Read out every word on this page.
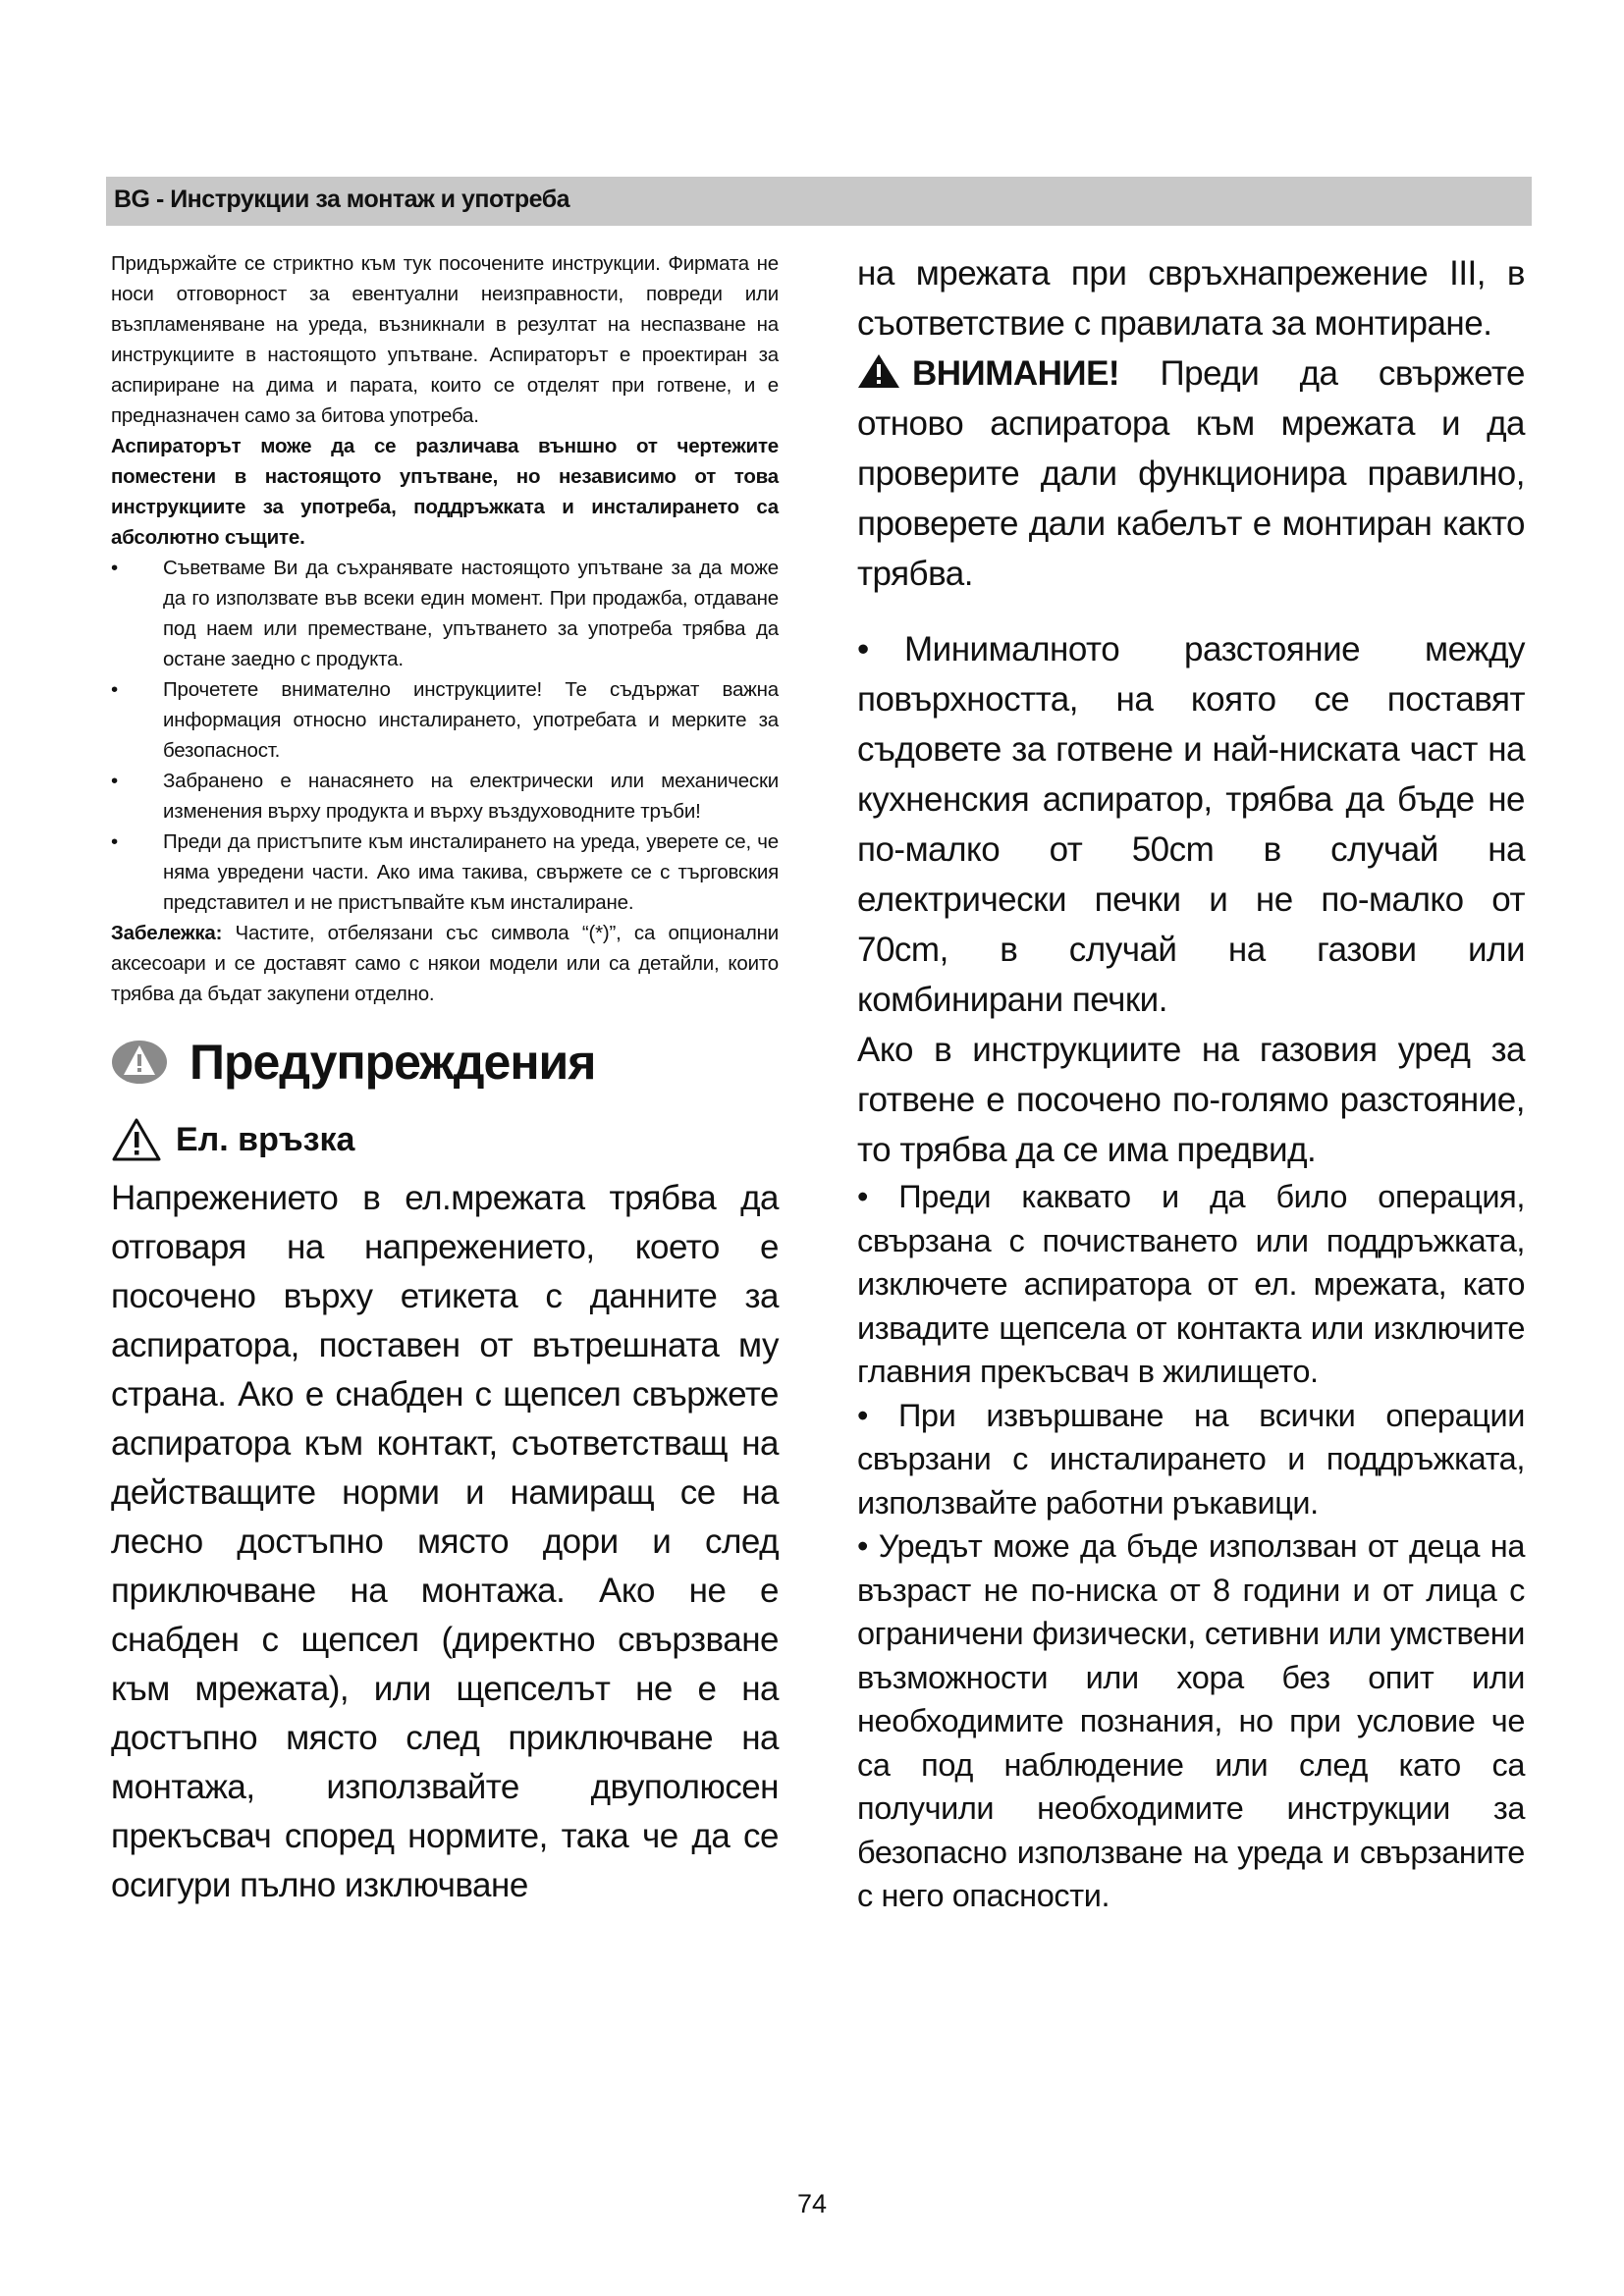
BG - Инструкции за монтаж и употреба

Придържайте се стриктно към тук посочените инструкции. Фирмата не носи отговорност за евентуални неизправности, повреди или възпламеняване на уреда, възникнали в резултат на неспазване на инструкциите в настоящото упътване. Аспираторът е проектиран за аспириране на дима и парата, които се отделят при готвене, и е предназначен само за битова употреба.

Аспираторът може да се различава външно от чертежите поместени в настоящото упътване, но независимо от това инструкциите за употреба, поддръжката и инсталирането са абсолютно същите.

• Съветваме Ви да съхранявате настоящото упътване за да може да го използвате във всеки един момент. При продажба, отдаване под наем или преместване, упътването за употреба трябва да остане заедно с продукта.
• Прочетете внимателно инструкциите! Те съдържат важна информация относно инсталирането, употребата и мерките за безопасност.
• Забранено е нанасянето на електрически или механически изменения върху продукта и върху въздуховодните тръби!
• Преди да пристъпите към инсталирането на уреда, уверете се, че няма увредени части. Ако има такива, свържете се с търговския представител и не пристъпвайте към инсталиране.

Забележка: Частите, отбелязани със символа “(*)”, са опционални аксесоари и се доставят само с някои модели или са детайли, които трябва да бъдат закупени отделно.

Предупреждения
Ел. връзка

Напрежението в ел.мрежата трябва да отговаря на напрежението, което е посочено върху етикета с данните за аспиратора, поставен от вътрешната му страна. Ако е снабден с щепсел свържете аспиратора към контакт, съответстващ на действащите норми и намиращ се на лесно достъпно място дори и след приключване на монтажа. Ако не е снабден с щепсел (директно свързване към мрежата), или щепселът не е на достъпно място след приключване на монтажа, използвайте двуполюсен прекъсвач според нормите, така че да се осигури пълно изключване

на мрежата при свръхнапрежение III, в съответствие с правилата за монтиране.

ВНИМАНИЕ! Преди да свържете отново аспиратора към мрежата и да проверите дали функционира правилно, проверете дали кабелът е монтиран както трябва.

• Минималното разстояние между повърхността, на която се поставят съдовете за готвене и най-ниската част на кухненския аспиратор, трябва да бъде не по-малко от 50cm в случай на електрически печки и не по-малко от 70cm, в случай на газови или комбинирани печки.

Ако в инструкциите на газовия уред за готвене е посочено по-голямо разстояние, то трябва да се има предвид.

• Преди каквато и да било операция, свързана с почистването или поддръжката, изключете аспиратора от ел. мрежата, като извадите щепсела от контакта или изключите главния прекъсвач в жилището.

• При извършване на всички операции свързани с инсталирането и поддръжката, използвайте работни ръкавици.

• Уредът може да бъде използван от деца на възраст не по-ниска от 8 години и от лица с ограничени физически, сетивни или умствени възможности или хора без опит или необходимите познания, но при условие че са под наблюдение или след като са получили необходимите инструкции за безопасно използване на уреда и свързаните с него опасности.

74
